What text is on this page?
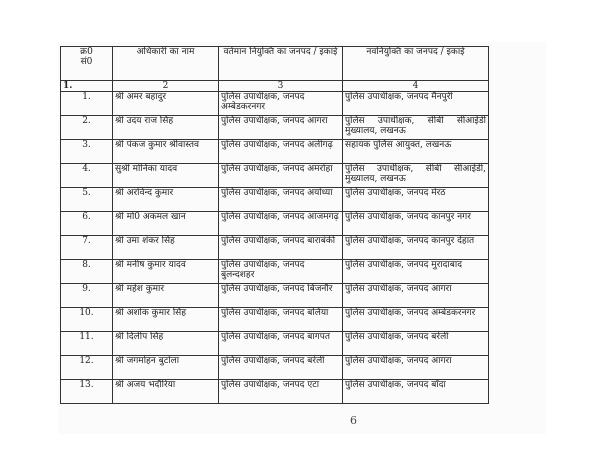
क्र0
सं0	अधिकारी का नाम	वर्तमान नियुक्ति का जनपद / इकाई	नवनियुक्ति का जनपद / इकाई
1.	2	3	4
1.	श्री अमर बहादुर	पुलिस उपाधीक्षक, जनपद अम्बेडकरनगर	पुलिस उपाधीक्षक, जनपद मैनपुरी
2.	श्री उदय राज सिंह	पुलिस उपाधीक्षक, जनपद आगरा	पुलिस उपाधीक्षक, सीबी सीआईडी मुख्यालय, लखनऊ
3.	श्री पंकज कुमार श्रीवास्तव	पुलिस उपाधीक्षक, जनपद अलीगढ़	सहायक पुलिस आयुक्त, लखनऊ
4.	सुश्री मोनिका यादव	पुलिस उपाधीक्षक, जनपद अमरोहा	पुलिस उपाधीक्षक, सीबी सीआईडी, मुख्यालय, लखनऊ
5.	श्री अरविन्द कुमार	पुलिस उपाधीक्षक, जनपद अयोध्या	पुलिस उपाधीक्षक, जनपद मेरठ
6.	श्री मो0 अकमल खान	पुलिस उपाधीक्षक, जनपद आजमगढ़	पुलिस उपाधीक्षक, जनपद कानपुर नगर
7.	श्री उमा शंकर सिंह	पुलिस उपाधीक्षक, जनपद बाराबंकी	पुलिस उपाधीक्षक, जनपद कानपुर देहात
8.	श्री मनीष कुमार यादव	पुलिस उपाधीक्षक, जनपद बुलन्दशहर	पुलिस उपाधीक्षक, जनपद मुरादाबाद
9.	श्री महेश कुमार	पुलिस उपाधीक्षक, जनपद बिजनौर	पुलिस उपाधीक्षक, जनपद आगरा
10.	श्री अशोक कुमार सिंह	पुलिस उपाधीक्षक, जनपद बलिया	पुलिस उपाधीक्षक, जनपद अम्बेडकरनगर
11.	श्री दिलीप सिंह	पुलिस उपाधीक्षक, जनपद बागपत	पुलिस उपाधीक्षक, जनपद बरेली
12.	श्री जगमोहन बुटोला	पुलिस उपाधीक्षक, जनपद बरेली	पुलिस उपाधीक्षक, जनपद आगरा
13.	श्री अजय भदौरिया	पुलिस उपाधीक्षक, जनपद एटा	पुलिस उपाधीक्षक, जनपद बाँदा
6
